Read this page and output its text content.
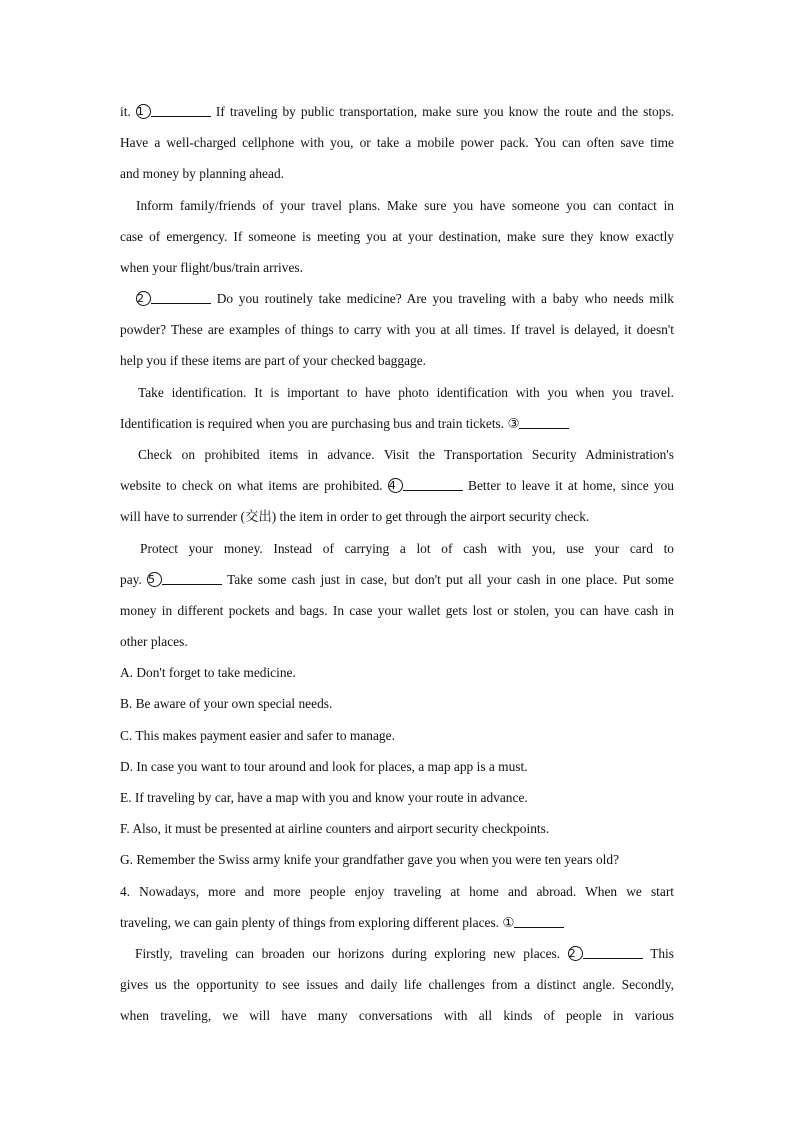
it. 1	If traveling by public transportation, make sure you know the route and the stops.
Have a well-charged cellphone with you, or take a mobile power pack. You can often save time
and money by planning ahead.
Inform family/friends of your travel plans. Make sure you have someone you can contact in
case of emergency. If someone is meeting you at your destination, make sure they know exactly
when your flight/bus/train arrives.
2	Do you routinely take medicine? Are you traveling with a baby who needs milk
powder? These are examples of things to carry with you at all times. If travel is delayed, it doesn't
help you if these items are part of your checked baggage.
Take identification. It is important to have photo identification with you when you travel.
Identification is required when you are purchasing bus and train tickets. ③
Check on prohibited items in advance. Visit the Transportation Security Administration's
website to check on what items are prohibited. 4	Better to leave it at home, since you
will have to surrender (交出) the item in order to get through the airport security check.
Protect your money. Instead of carrying a lot of cash with you, use your card to
pay. 5	Take some cash just in case, but don't put all your cash in one place. Put some
money in different pockets and bags. In case your wallet gets lost or stolen, you can have cash in
other places.
A. Don't forget to take medicine.
B. Be aware of your own special needs.
C. This makes payment easier and safer to manage.
D. In case you want to tour around and look for places, a map app is a must.
E. If traveling by car, have a map with you and know your route in advance.
F. Also, it must be presented at airline counters and airport security checkpoints.
G. Remember the Swiss army knife your grandfather gave you when you were ten years old?
4. Nowadays, more and more people enjoy traveling at home and abroad. When we start
traveling, we can gain plenty of things from exploring different places. ①
Firstly, traveling can broaden our horizons during exploring new places. 2	This
gives us the opportunity to see issues and daily life challenges from a distinct angle. Secondly,
when traveling, we will have many conversations with all kinds of people in various
